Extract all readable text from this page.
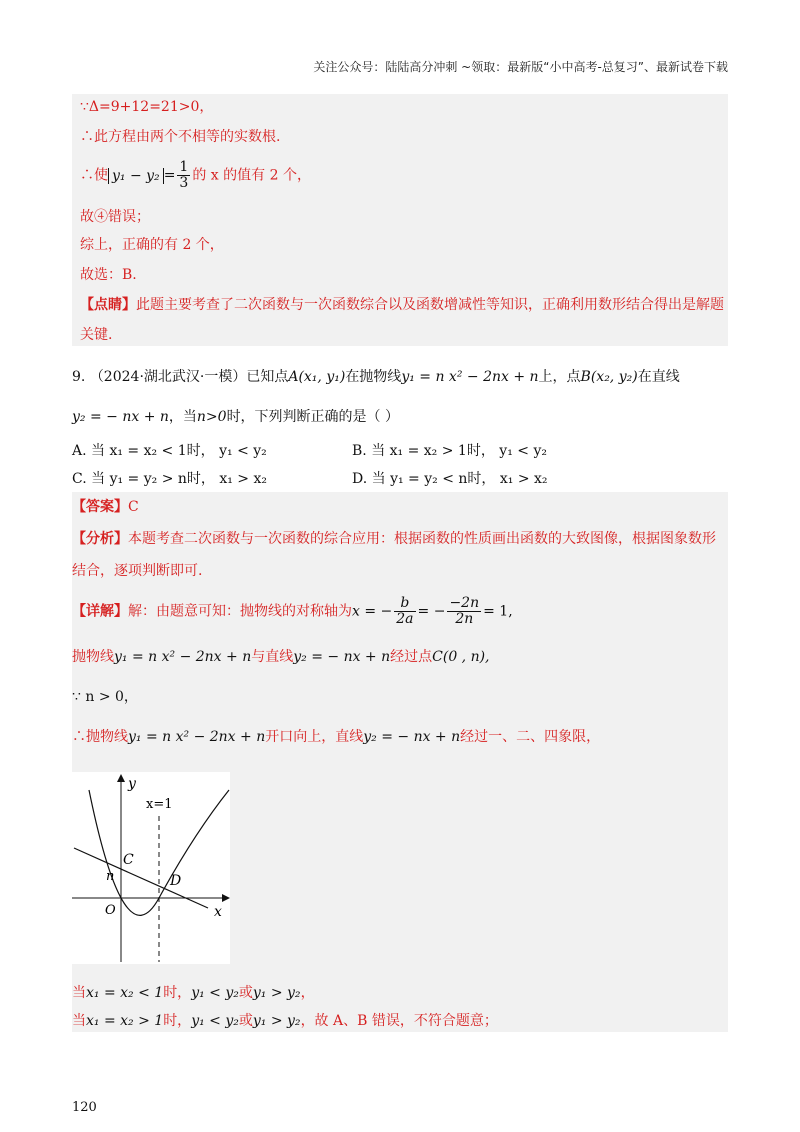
关注公众号：陆陆高分冲刺 ~领取：最新版“小中高考-总复习”、最新试卷下载
∵Δ=9+12=21>0，
∴此方程由两个不相等的实数根.
∴使 $y_1 - y_2 = \frac{1}{3}$ 的 x 的值有 2 个，
故④错误；
综上，正确的有 2 个，
故选：B.
【点睛】此题主要考查了二次函数与一次函数综合以及函数增减性等知识，正确利用数形结合得出是解题
关键.
9. （2024·湖北武汉·一模）已知点A(x₁, y₁)在抛物线y₁ = n x² − 2nx + n上，点B(x₂, y₂)在直线
y₂ = − nx + n，当n>0时，下列判断正确的是（ ）
A. 当 x₁ = x₂ < 1时， y₁ < y₂	B. 当 x₁ = x₂ > 1时， y₁ < y₂
C. 当 y₁ = y₂ > n时， x₁ > x₂	D. 当 y₁ = y₂ < n时， x₁ > x₂
【答案】C
【分析】本题考查二次函数与一次函数的综合应用：根据函数的性质画出函数的大致图像，根据图象数形
结合，逐项判断即可.
【详解】解：由题意可知：抛物线的对称轴为x = − $\frac{b}{2a}$ = − $\frac{-2n}{2n} = 1$,
抛物线y₁ = n x² − 2nx + n与直线y₂ = − nx + n经过点C(0 , n),
∵ n > 0，
∴抛物线y₁ = n x² − 2nx + n开口向上，直线y₂ = − nx + n经过一、二、四象限，
y
x
x=1
C
D
n
O
当x₁ = x₂ < 1时，y₁ < y₂或y₁ > y₂，
当x₁ = x₂ > 1时，y₁ < y₂或y₁ > y₂，故 A、B 错误，不符合题意；
120
